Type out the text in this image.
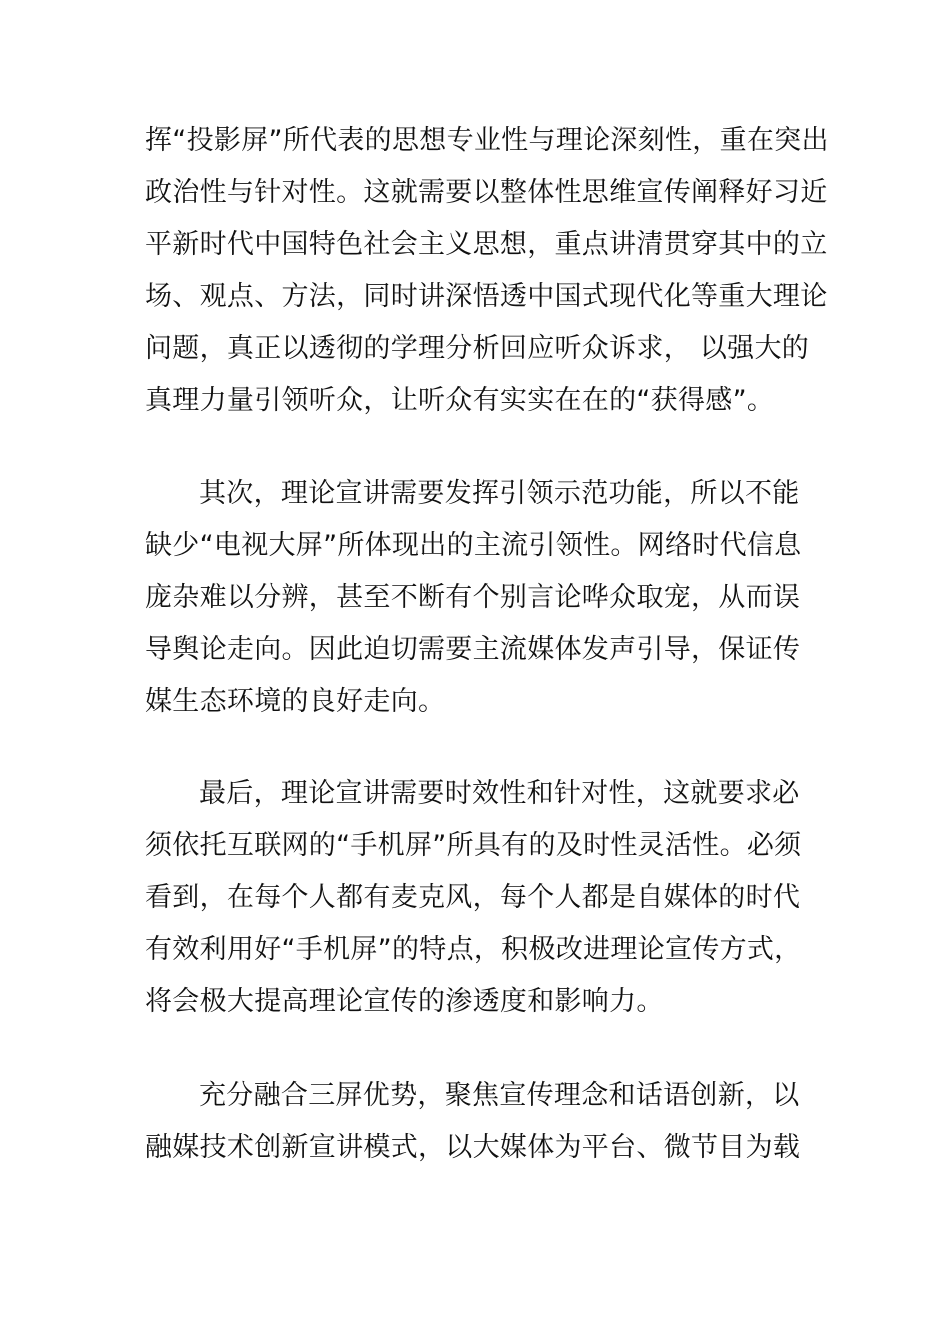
挥“投影屏”所代表的思想专业性与理论深刻性，重在突出
政治性与针对性。这就需要以整体性思维宣传阐释好习近
平新时代中国特色社会主义思想，重点讲清贯穿其中的立
场、观点、方法，同时讲深悟透中国式现代化等重大理论
问题，真正以透彻的学理分析回应听众诉求， 以强大的
真理力量引领听众，让听众有实实在在的“获得感”。
其次，理论宣讲需要发挥引领示范功能，所以不能
缺少“电视大屏”所体现出的主流引领性。网络时代信息
庞杂难以分辨，甚至不断有个别言论哗众取宠，从而误
导舆论走向。因此迫切需要主流媒体发声引导，保证传
媒生态环境的良好走向。
最后，理论宣讲需要时效性和针对性，这就要求必
须依托互联网的“手机屏”所具有的及时性灵活性。必须
看到，在每个人都有麦克风，每个人都是自媒体的时代
有效利用好“手机屏”的特点，积极改进理论宣传方式，
将会极大提高理论宣传的渗透度和影响力。
充分融合三屏优势，聚焦宣传理念和话语创新，以
融媒技术创新宣讲模式，以大媒体为平台、微节目为载
